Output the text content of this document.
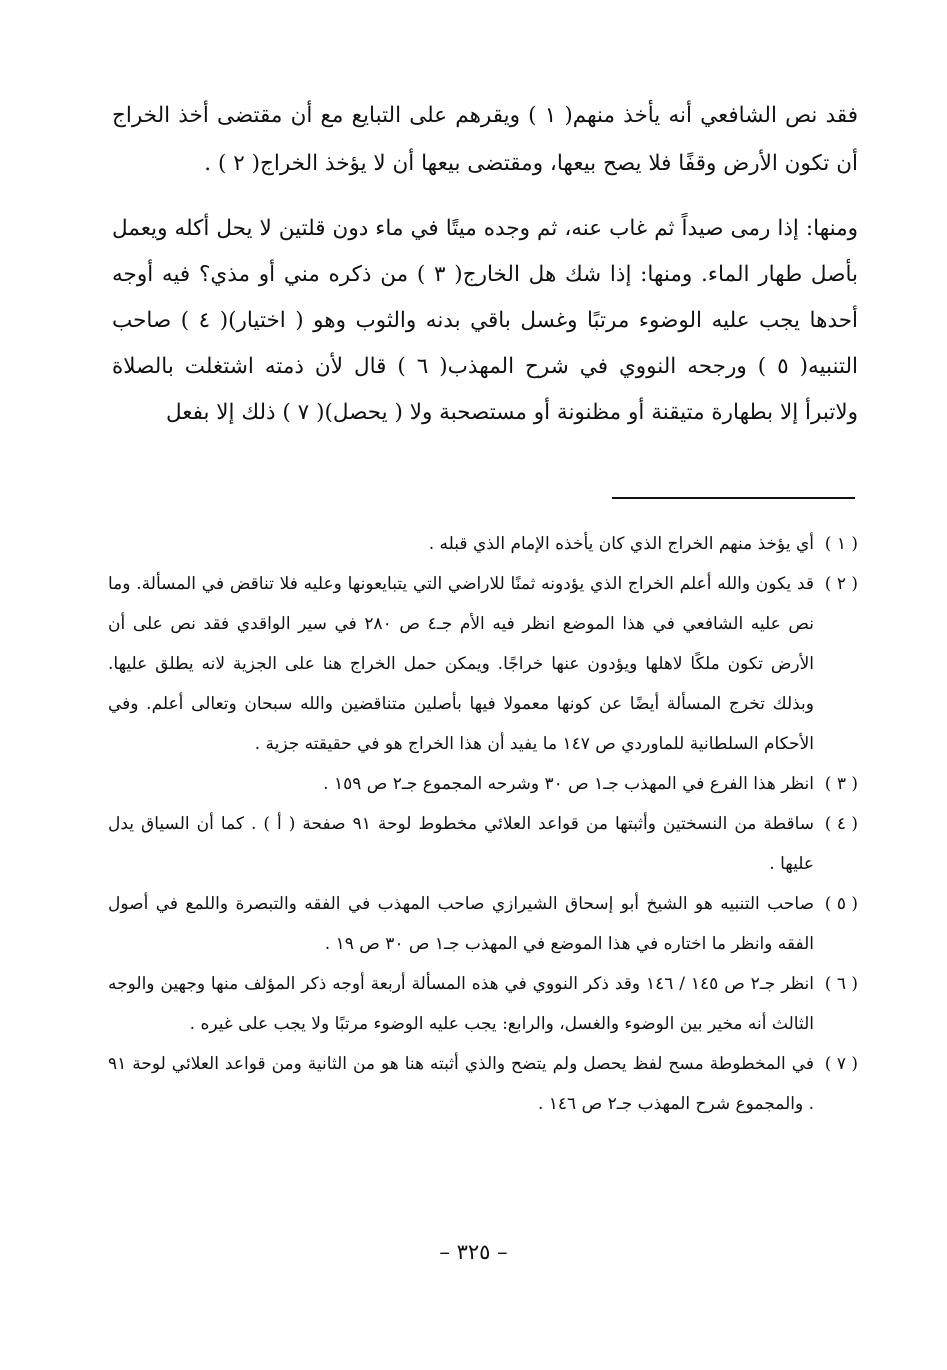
فقد نص الشافعي أنه يأخذ منهم( ١ ) ويقرهم على التبايع مع أن مقتضى أخذ الخراج أن تكون الأرض وقفًا فلا يصح بيعها، ومقتضى بيعها أن لا يؤخذ الخراج( ٢ ) .

ومنها: إذا رمى صيداً ثم غاب عنه، ثم وجده ميتًا في ماء دون قلتين لا يحل أكله ويعمل بأصل طهار الماء. ومنها: إذا شك هل الخارج( ٣ ) من ذكره مني أو مذي؟ فيه أوجه أحدها يجب عليه الوضوء مرتبًا وغسل باقي بدنه والثوب وهو ( اختيار)( ٤ ) صاحب التنبيه( ٥ ) ورجحه النووي في شرح المهذب( ٦ ) قال لأن ذمته اشتغلت بالصلاة ولاتبرأ إلا بطهارة متيقنة أو مظنونة أو مستصحبة ولا ( يحصل)( ٧ ) ذلك إلا بفعل

( ١ )
أي يؤخذ منهم الخراج الذي كان يأخذه الإمام الذي قبله .
( ٢ )
قد يكون والله أعلم الخراج الذي يؤدونه ثمنًا للاراضي التي يتبايعونها وعليه فلا تناقض في المسألة. وما نص عليه الشافعي في هذا الموضع انظر فيه الأم جـ٤ ص ٢٨٠ في سير الواقدي فقد نص على أن الأرض تكون ملكًا لاهلها ويؤدون عنها خراجًا. ويمكن حمل الخراج هنا على الجزية لانه يطلق عليها. وبذلك تخرج المسألة أيضًا عن كونها معمولا فيها بأصلين متناقضين والله سبحان وتعالى أعلم. وفي الأحكام السلطانية للماوردي ص ١٤٧ ما يفيد أن هذا الخراج هو في حقيقته جزية .
( ٣ )
انظر هذا الفرع في المهذب جـ١ ص ٣٠ وشرحه المجموع جـ٢ ص ١٥٩ .
( ٤ )
ساقطة من النسختين وأثبتها من قواعد العلائي مخطوط لوحة ٩١ صفحة ( أ ) . كما أن السياق يدل عليها .
( ٥ )
صاحب التنبيه هو الشيخ أبو إسحاق الشيرازي صاحب المهذب في الفقه والتبصرة واللمع في أصول الفقه وانظر ما اختاره في هذا الموضع في المهذب جـ١ ص ٣٠ ص ١٩ .
( ٦ )
انظر جـ٢ ص ١٤٥ / ١٤٦ وقد ذكر النووي في هذه المسألة أربعة أوجه ذكر المؤلف منها وجهين والوجه الثالث أنه مخير بين الوضوء والغسل، والرابع: يجب عليه الوضوء مرتبًا ولا يجب على غيره .
( ٧ )
في المخطوطة مسح لفظ يحصل ولم يتضح والذي أثبته هنا هو من الثانية ومن قواعد العلائي لوحة ٩١ . والمجموع شرح المهذب جـ٢ ص ١٤٦ .
– ٣٢٥ –
